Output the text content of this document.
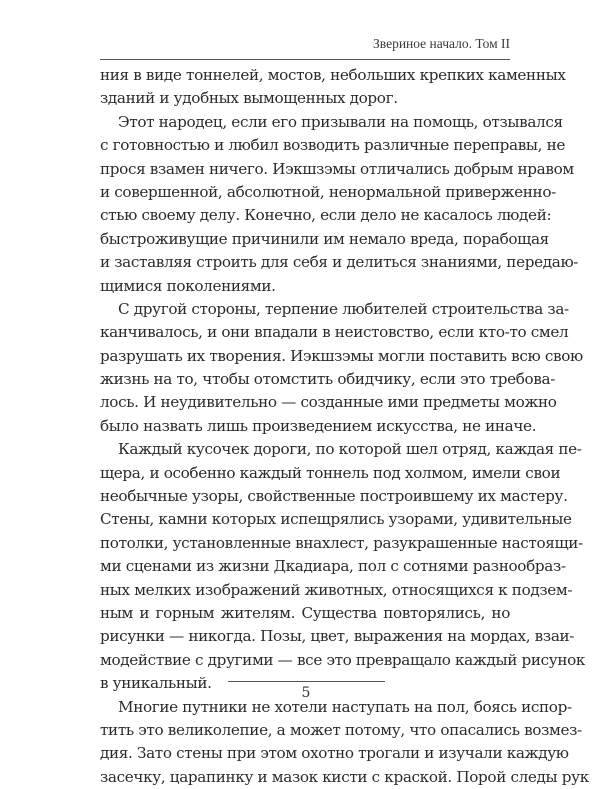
Звериное начало. Том II
ния в виде тоннелей, мостов, небольших крепких каменных
зданий и удобных вымощенных дорог.
Этот народец, если его призывали на помощь, отзывался
с готовностью и любил возводить различные переправы, не
прося взамен ничего. Иэкшзэмы отличались добрым нравом
и совершенной, абсолютной, ненормальной приверженно-
стью своему делу. Конечно, если дело не касалось людей:
быстроживущие причинили им немало вреда, порабощая
и заставляя строить для себя и делиться знаниями, передаю-
щимися поколениями.
С другой стороны, терпение любителей строительства за-
канчивалось, и они впадали в неистовство, если кто-то смел
разрушать их творения. Иэкшзэмы могли поставить всю свою
жизнь на то, чтобы отомстить обидчику, если это требова-
лось. И неудивительно — созданные ими предметы можно
было назвать лишь произведением искусства, не иначе.
Каждый кусочек дороги, по которой шел отряд, каждая пе-
щера, и особенно каждый тоннель под холмом, имели свои
необычные узоры, свойственные построившему их мастеру.
Стены, камни которых испещрялись узорами, удивительные
потолки, установленные внахлест, разукрашенные настоящи-
ми сценами из жизни Дкадиара, пол с сотнями разнообраз-
ных мелких изображений животных, относящихся к подзем-
ным и горным жителям. Существа повторялись, но
рисунки — никогда. Позы, цвет, выражения на мордах, взаи-
модействие с другими — все это превращало каждый рисунок
в уникальный.
Многие путники не хотели наступать на пол, боясь испор-
тить это великолепие, а может потому, что опасались возмез-
дия. Зато стены при этом охотно трогали и изучали каждую
засечку, царапинку и мазок кисти с краской. Порой следы рук
5
